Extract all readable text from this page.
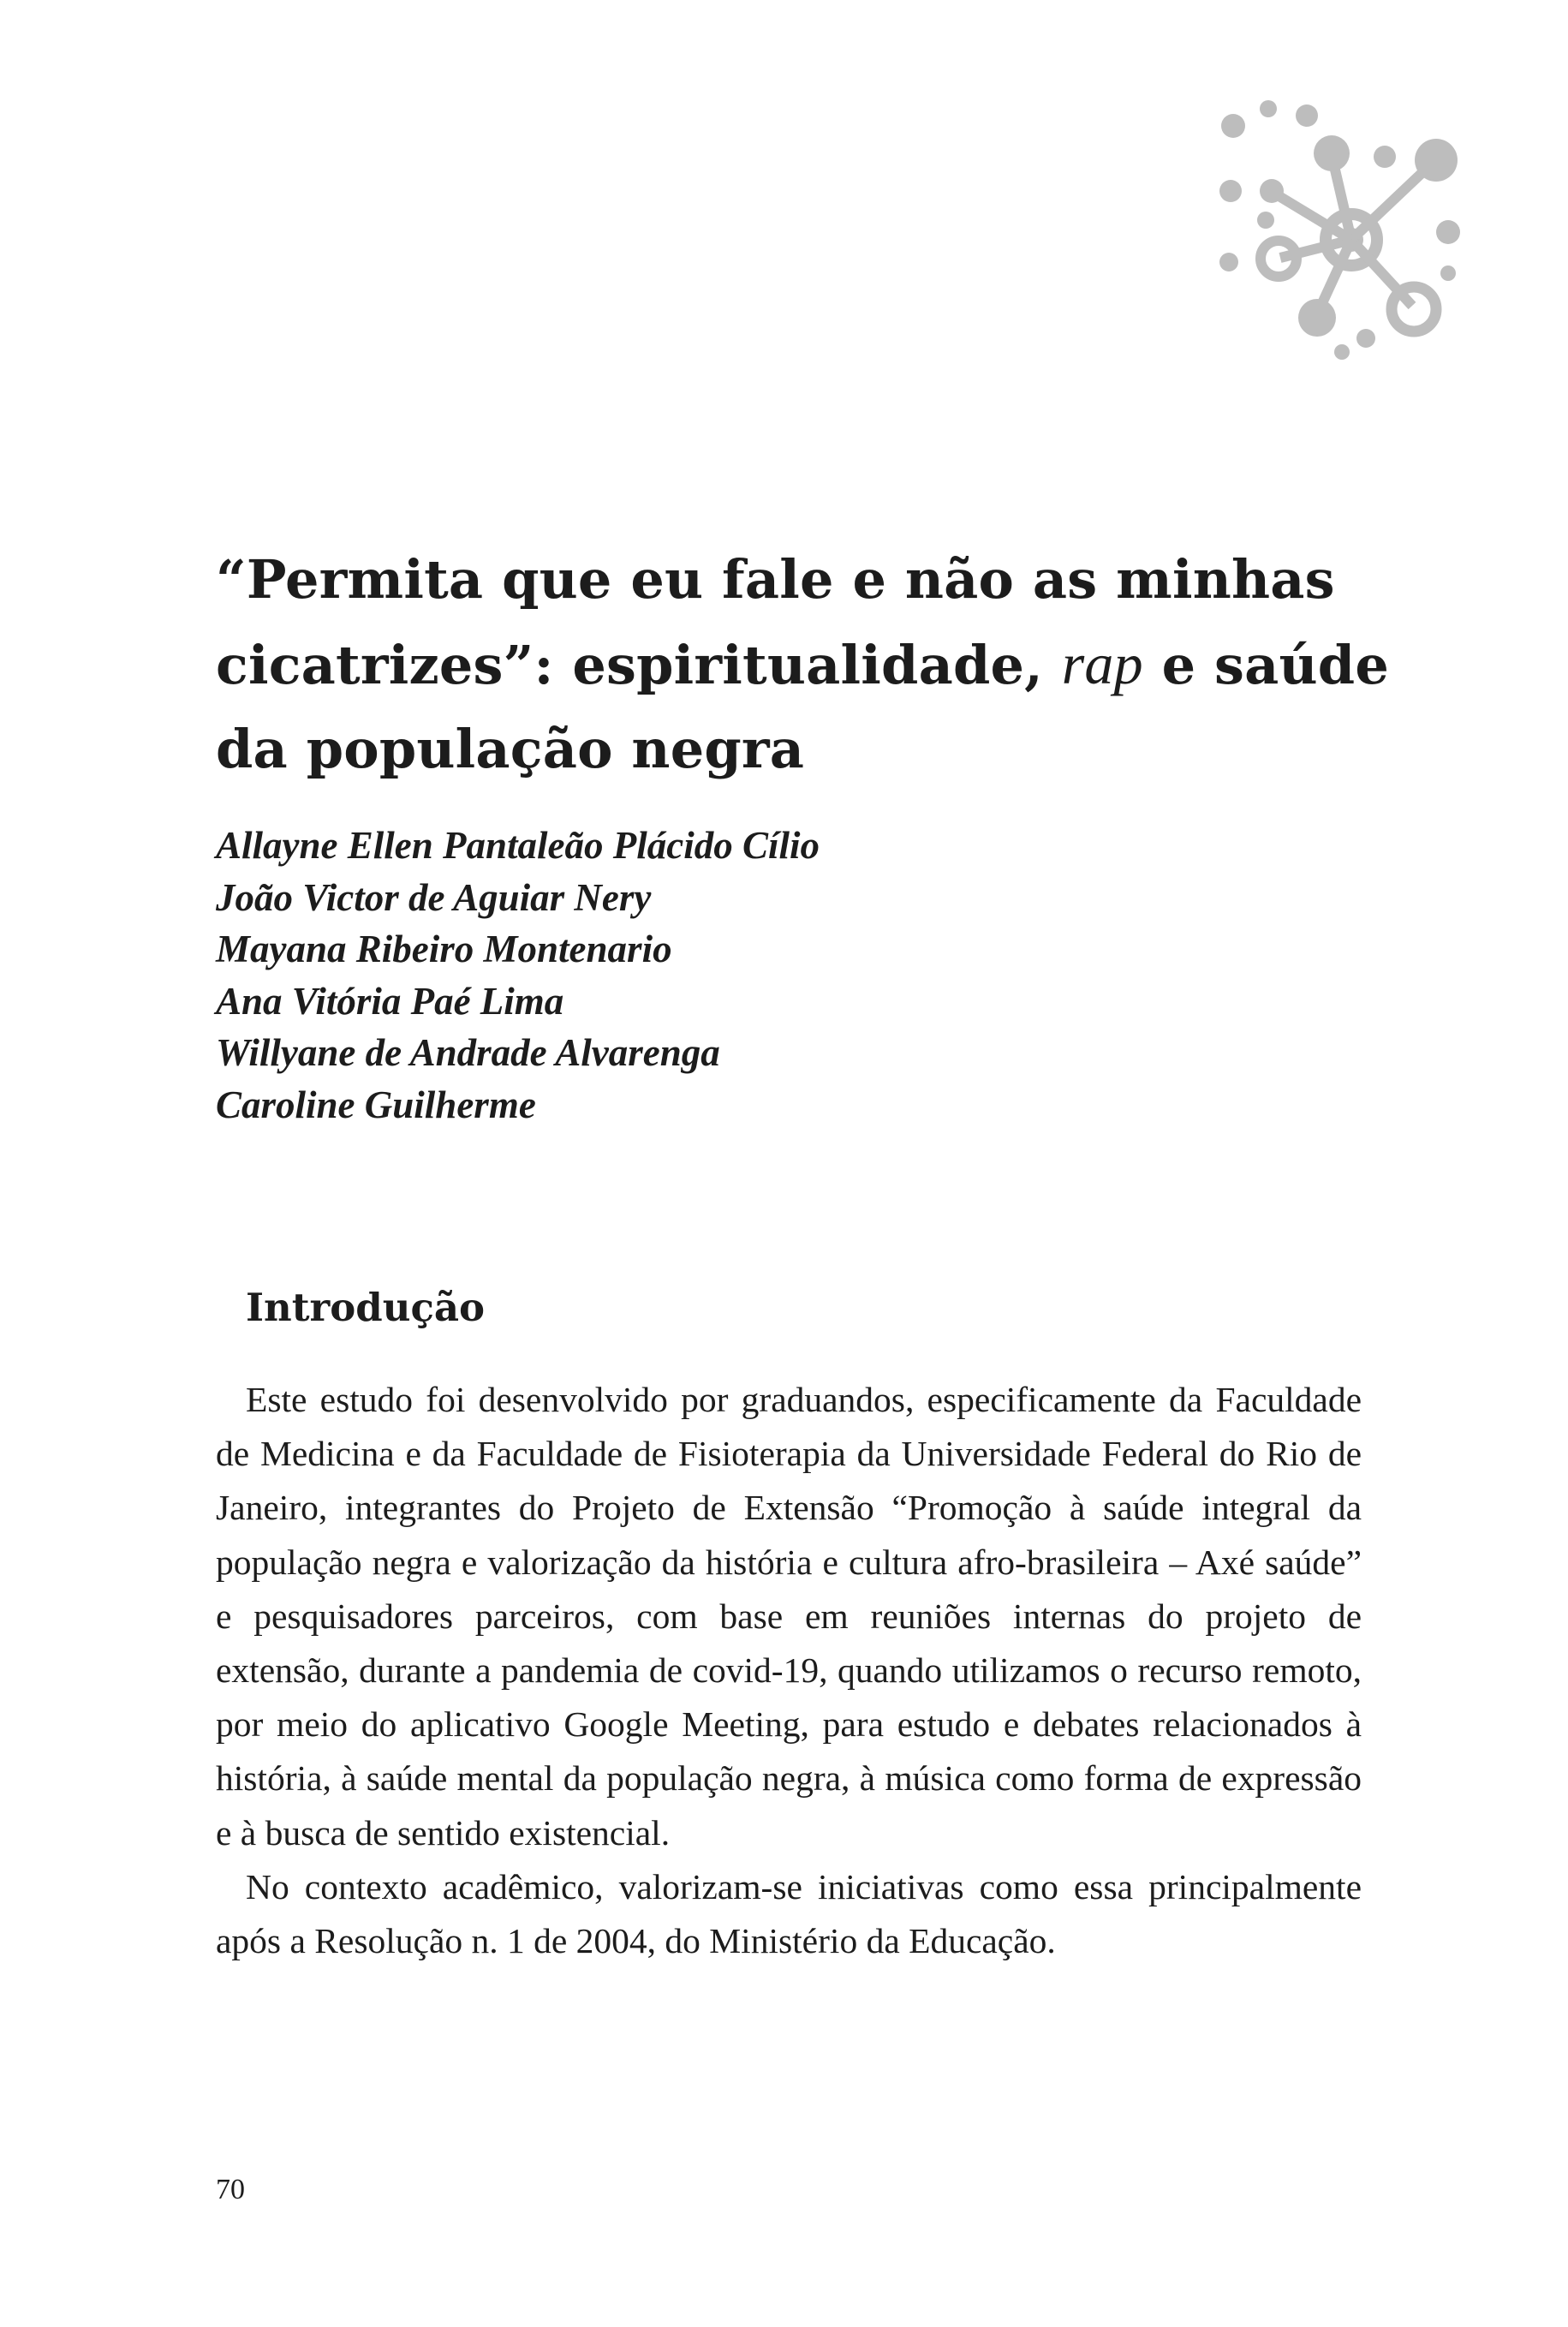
“Permita que eu fale e não as minhas
cicatrizes”: espiritualidade, rap e saúde
da população negra
Allayne Ellen Pantaleão Plácido Cílio
João Victor de Aguiar Nery
Mayana Ribeiro Montenario
Ana Vitória Paé Lima
Willyane de Andrade Alvarenga
Caroline Guilherme
Introdução

Este estudo foi desenvolvido por graduandos, especificamente da Faculdade de Medicina e da Faculdade de Fisioterapia da Universidade Federal do Rio de Janeiro, integrantes do Projeto de Extensão “Promoção à saúde integral da população negra e valorização da história e cultura afro-brasileira – Axé saúde” e pesquisadores parceiros, com base em reuniões internas do projeto de extensão, durante a pandemia de covid-19, quando utilizamos o recurso remoto, por meio do aplicativo Google Meeting, para estudo e debates relacionados à história, à saúde mental da população negra, à música como forma de expressão e à busca de sentido existencial.

No contexto acadêmico, valorizam-se iniciativas como essa principalmente após a Resolução n. 1 de 2004, do Ministério da Educação.

70
